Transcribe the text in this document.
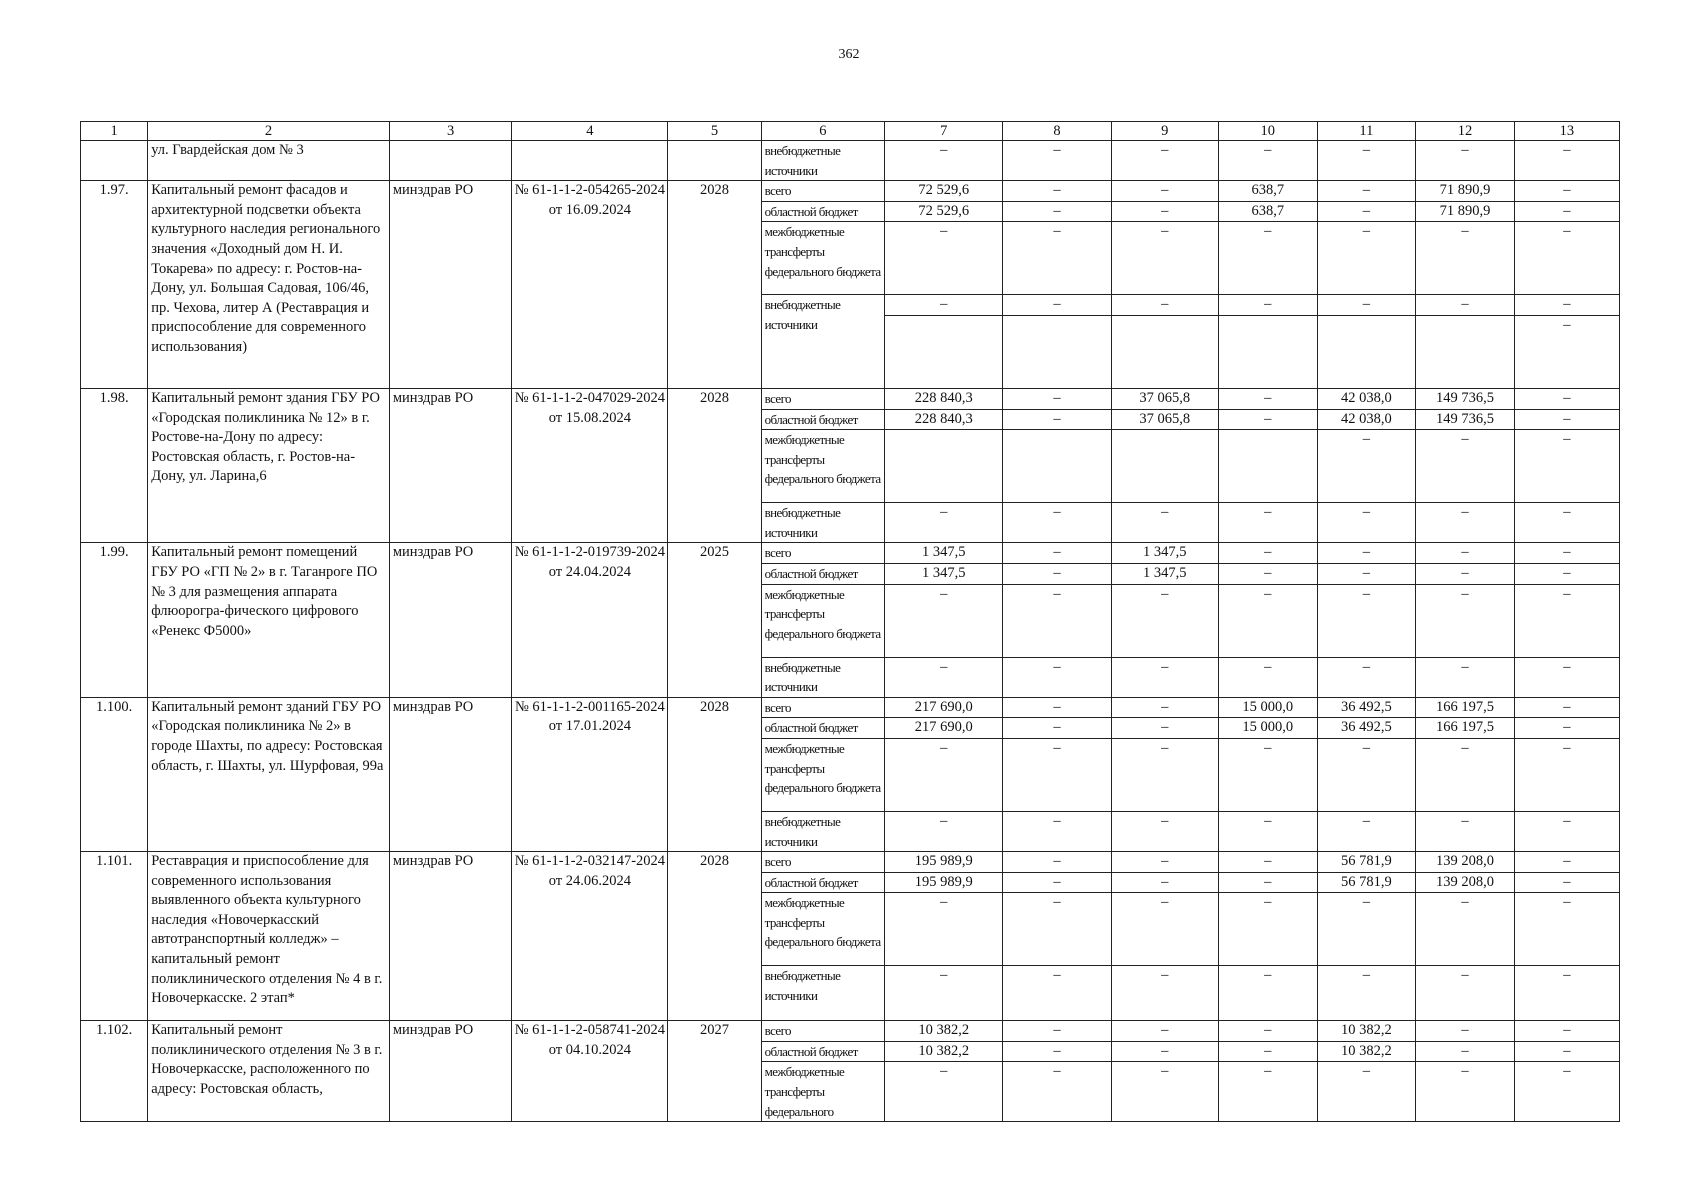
362
1	2	3	4	5	6	7	8	9	10	11	12	13
	ул. Гвардейская дом № 3				внебюджетные источники	–	–	–	–	–	–	–
1.97.	Капитальный ремонт фасадов и архитектурной подсветки объекта культурного наследия регионального значения «Доходный дом Н. И. Токарева» по адресу: г. Ростов-на-Дону, ул. Большая Садовая, 106/46, пр. Чехова, литер А (Реставрация и приспособление для современного использования)	минздрав РО	№ 61-1-1-2-054265-2024 от 16.09.2024	2028	всего	72 529,6	–	–	638,7	–	71 890,9	–
					областной бюджет	72 529,6	–	–	638,7	–	71 890,9	–
					межбюджетные трансферты федерального бюджета	–	–	–	–	–	–	–
					внебюджетные источники	–	–	–	–	–	–	–
												–
1.98.	Капитальный ремонт здания ГБУ РО «Городская поликлиника № 12» в г. Ростове-на-Дону по адресу: Ростовская область, г. Ростов-на-Дону, ул. Ларина,6	минздрав РО	№ 61-1-1-2-047029-2024 от 15.08.2024	2028	всего	228 840,3	–	37 065,8	–	42 038,0	149 736,5	–
					областной бюджет	228 840,3	–	37 065,8	–	42 038,0	149 736,5	–
					межбюджетные трансферты федерального бюджета					–	–	–
					внебюджетные источники	–	–	–	–	–	–	–
1.99.	Капитальный ремонт помещений ГБУ РО «ГП № 2» в г. Таганроге ПО № 3 для размещения аппарата флюорогра-фического цифрового «Ренекс Ф5000»	минздрав РО	№ 61-1-1-2-019739-2024 от 24.04.2024	2025	всего	1 347,5	–	1 347,5	–	–	–	–
					областной бюджет	1 347,5	–	1 347,5	–	–	–	–
					межбюджетные трансферты федерального бюджета	–	–	–	–	–	–	–
					внебюджетные источники	–	–	–	–	–	–	–
1.100.	Капитальный ремонт зданий ГБУ РО «Городская поликлиника № 2» в городе Шахты, по адресу: Ростовская область, г. Шахты, ул. Шурфовая, 99а	минздрав РО	№ 61-1-1-2-001165-2024 от 17.01.2024	2028	всего	217 690,0	–	–	15 000,0	36 492,5	166 197,5	–
					областной бюджет	217 690,0	–	–	15 000,0	36 492,5	166 197,5	–
					межбюджетные трансферты федерального бюджета	–	–	–	–	–	–	–
					внебюджетные источники	–	–	–	–	–	–	–
1.101.	Реставрация и приспособление для современного использования выявленного объекта культурного наследия «Новочеркасский автотранспортный колледж» – капитальный ремонт поликлинического отделения № 4 в г. Новочеркасске. 2 этап*	минздрав РО	№ 61-1-1-2-032147-2024 от 24.06.2024	2028	всего	195 989,9	–	–	–	56 781,9	139 208,0	–
					областной бюджет	195 989,9	–	–	–	56 781,9	139 208,0	–
					межбюджетные трансферты федерального бюджета	–	–	–	–	–	–	–
					внебюджетные источники	–	–	–	–	–	–	–
1.102.	Капитальный ремонт поликлинического отделения № 3 в г. Новочеркасске, расположенного по адресу: Ростовская область,	минздрав РО	№ 61-1-1-2-058741-2024 от 04.10.2024	2027	всего	10 382,2	–	–	–	10 382,2	–	–
					областной бюджет	10 382,2	–	–	–	10 382,2	–	–
					межбюджетные трансферты федерального	–	–	–	–	–	–	–
